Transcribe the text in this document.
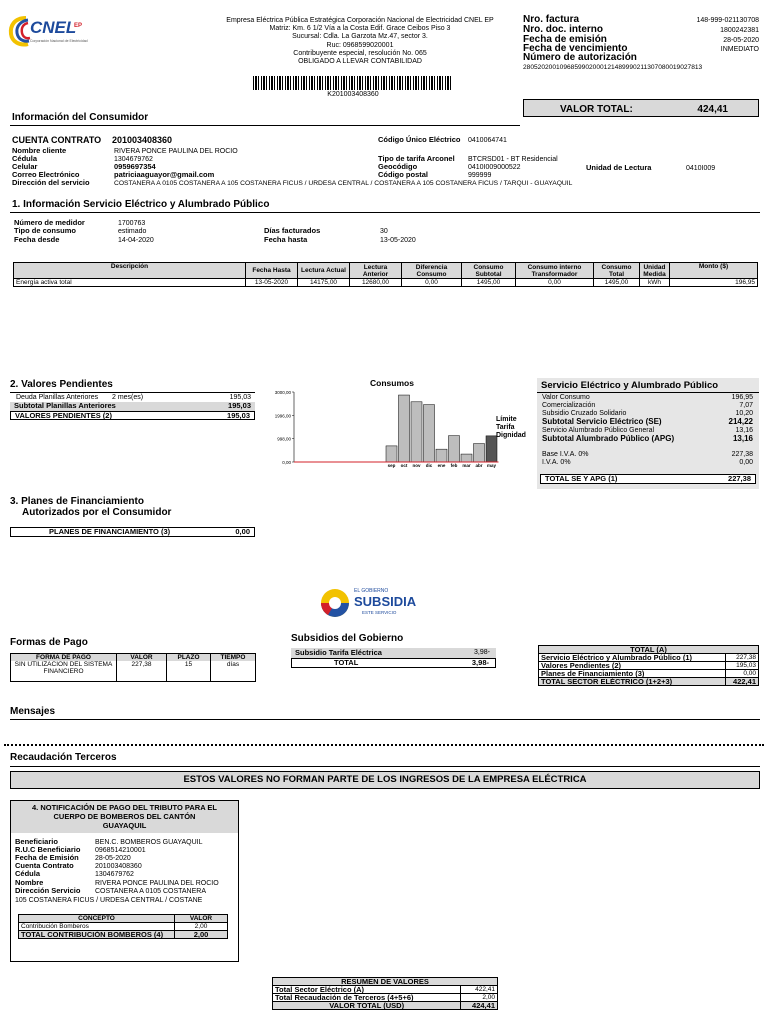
CNEL
EP
Corporación Nacional de Electricidad
Empresa Eléctrica Pública Estratégica Corporación Nacional de Electricidad CNEL EP
Matriz: Km. 6 1/2 Vía a la Costa Edif. Grace Ceibos Piso 3
Sucursal: Cdla. La Garzota Mz.47, sector 3.
Ruc: 0968599020001
Contribuyente especial, resolución No. 065
OBLIGADO A LLEVAR CONTABILIDAD
K201003408360
Nro. factura	148-999-021130708
Nro. doc. interno	1800242381
Fecha de emisión	28-05-2020
Fecha de vencimiento	INMEDIATO
Número de autorización
2805202001096859902000121489990211307080019027813
VALOR TOTAL:	424,41
Información del Consumidor
CUENTA CONTRATO 201003408360	Código Único Eléctrico 0410064741
Nombre cliente	RIVERA PONCE PAULINA DEL ROCIO
Cédula	1304679762	Tipo de tarifa Arconel BTCRSD01 - BT Residencial
Unidad de Lectura	0410I009
Celular	0959697354	Geocódigo	0410I009000522
Correo Electrónico	patriciaaguayor@gmail.com	Código postal	999999
Dirección del servicio	COSTANERA A 0105 COSTANERA A 105 COSTANERA FICUS / URDESA CENTRAL / COSTANERA A 105 COSTANERA FICUS / TARQUI - GUAYAQUIL
1. Información Servicio Eléctrico y Alumbrado Público
Número de medidor	1700763
Tipo de consumo	estimado	Días facturados	30
Fecha desde	14-04-2020	Fecha hasta	13-05-2020
Descripción	Fecha Hasta	Lectura Actual	Lectura Anterior	Diferencia Consumo	Consumo Subtotal	Consumo interno Transformador	Consumo Total	Unidad Medida	Monto ($)
Energía activa total	13-05-2020	14175,00	12680,00	0,00	1495,00	0,00	1495,00	kWh	196,95
2. Valores Pendientes
Deuda Planillas Anteriores 2 mes(es)	195,03
Subtotal Planillas Anteriores	195,03
VALORES PENDIENTES (2)	195,03
Consumos
3000,00
1996,00
998,00
0,00
sep oct nov dic ene feb mar abr may
Límite Tarifa Dignidad
Servicio Eléctrico y Alumbrado Público
Valor Consumo	196,95
Comercialización	7,07
Subsidio Cruzado Solidario	10,20
Subtotal Servicio Eléctrico (SE)	214,22
Servicio Alumbrado Público General	13,16
Subtotal Alumbrado Público (APG)	13,16
Base I.V.A. 0%	227,38
I.V.A. 0%	0,00
TOTAL SE Y APG (1)	227,38
3. Planes de Financiamiento
Autorizados por el Consumidor
PLANES DE FINANCIAMIENTO (3)	0,00
EL GOBIERNO
SUBSIDIA
ESTE SERVICIO
Formas de Pago
FORMA DE PAGO	VALOR	PLAZO	TIEMPO
SIN UTILIZACION DEL SISTEMA FINANCIERO	227,38	15	días
Subsidios del Gobierno
Subsidio Tarifa Eléctrica	3,98-
TOTAL	3,98-
TOTAL (A)	
Servicio Eléctrico y Alumbrado Público (1)	227,38
Valores Pendientes (2)	195,03
Planes de Financiamiento (3)	0,00
TOTAL SECTOR ELÉCTRICO (1+2+3)	422,41
Mensajes
Recaudación Terceros
ESTOS VALORES NO FORMAN PARTE DE LOS INGRESOS DE LA EMPRESA ELÉCTRICA
4. NOTIFICACIÓN DE PAGO DEL TRIBUTO PARA EL
CUERPO DE BOMBEROS DEL CANTÓN
GUAYAQUIL
Beneficiario	BEN.C. BOMBEROS GUAYAQUIL
R.U.C Beneficiario 0968514210001
Fecha de Emisión 28-05-2020
Cuenta Contrato	201003408360
Cédula	1304679762
Nombre	RIVERA PONCE PAULINA DEL ROCIO
Dirección Servicio COSTANERA A 0105 COSTANERA
105 COSTANERA FICUS / URDESA CENTRAL / COSTANE
CONCEPTO	VALOR
Contribución Bomberos	2,00
TOTAL CONTRIBUCIÓN BOMBEROS (4)	2,00
RESUMEN DE VALORES	
Total Sector Eléctrico (A)	422,41
Total Recaudación de Terceros (4+5+6)	2,00
VALOR TOTAL (USD)	424,41
